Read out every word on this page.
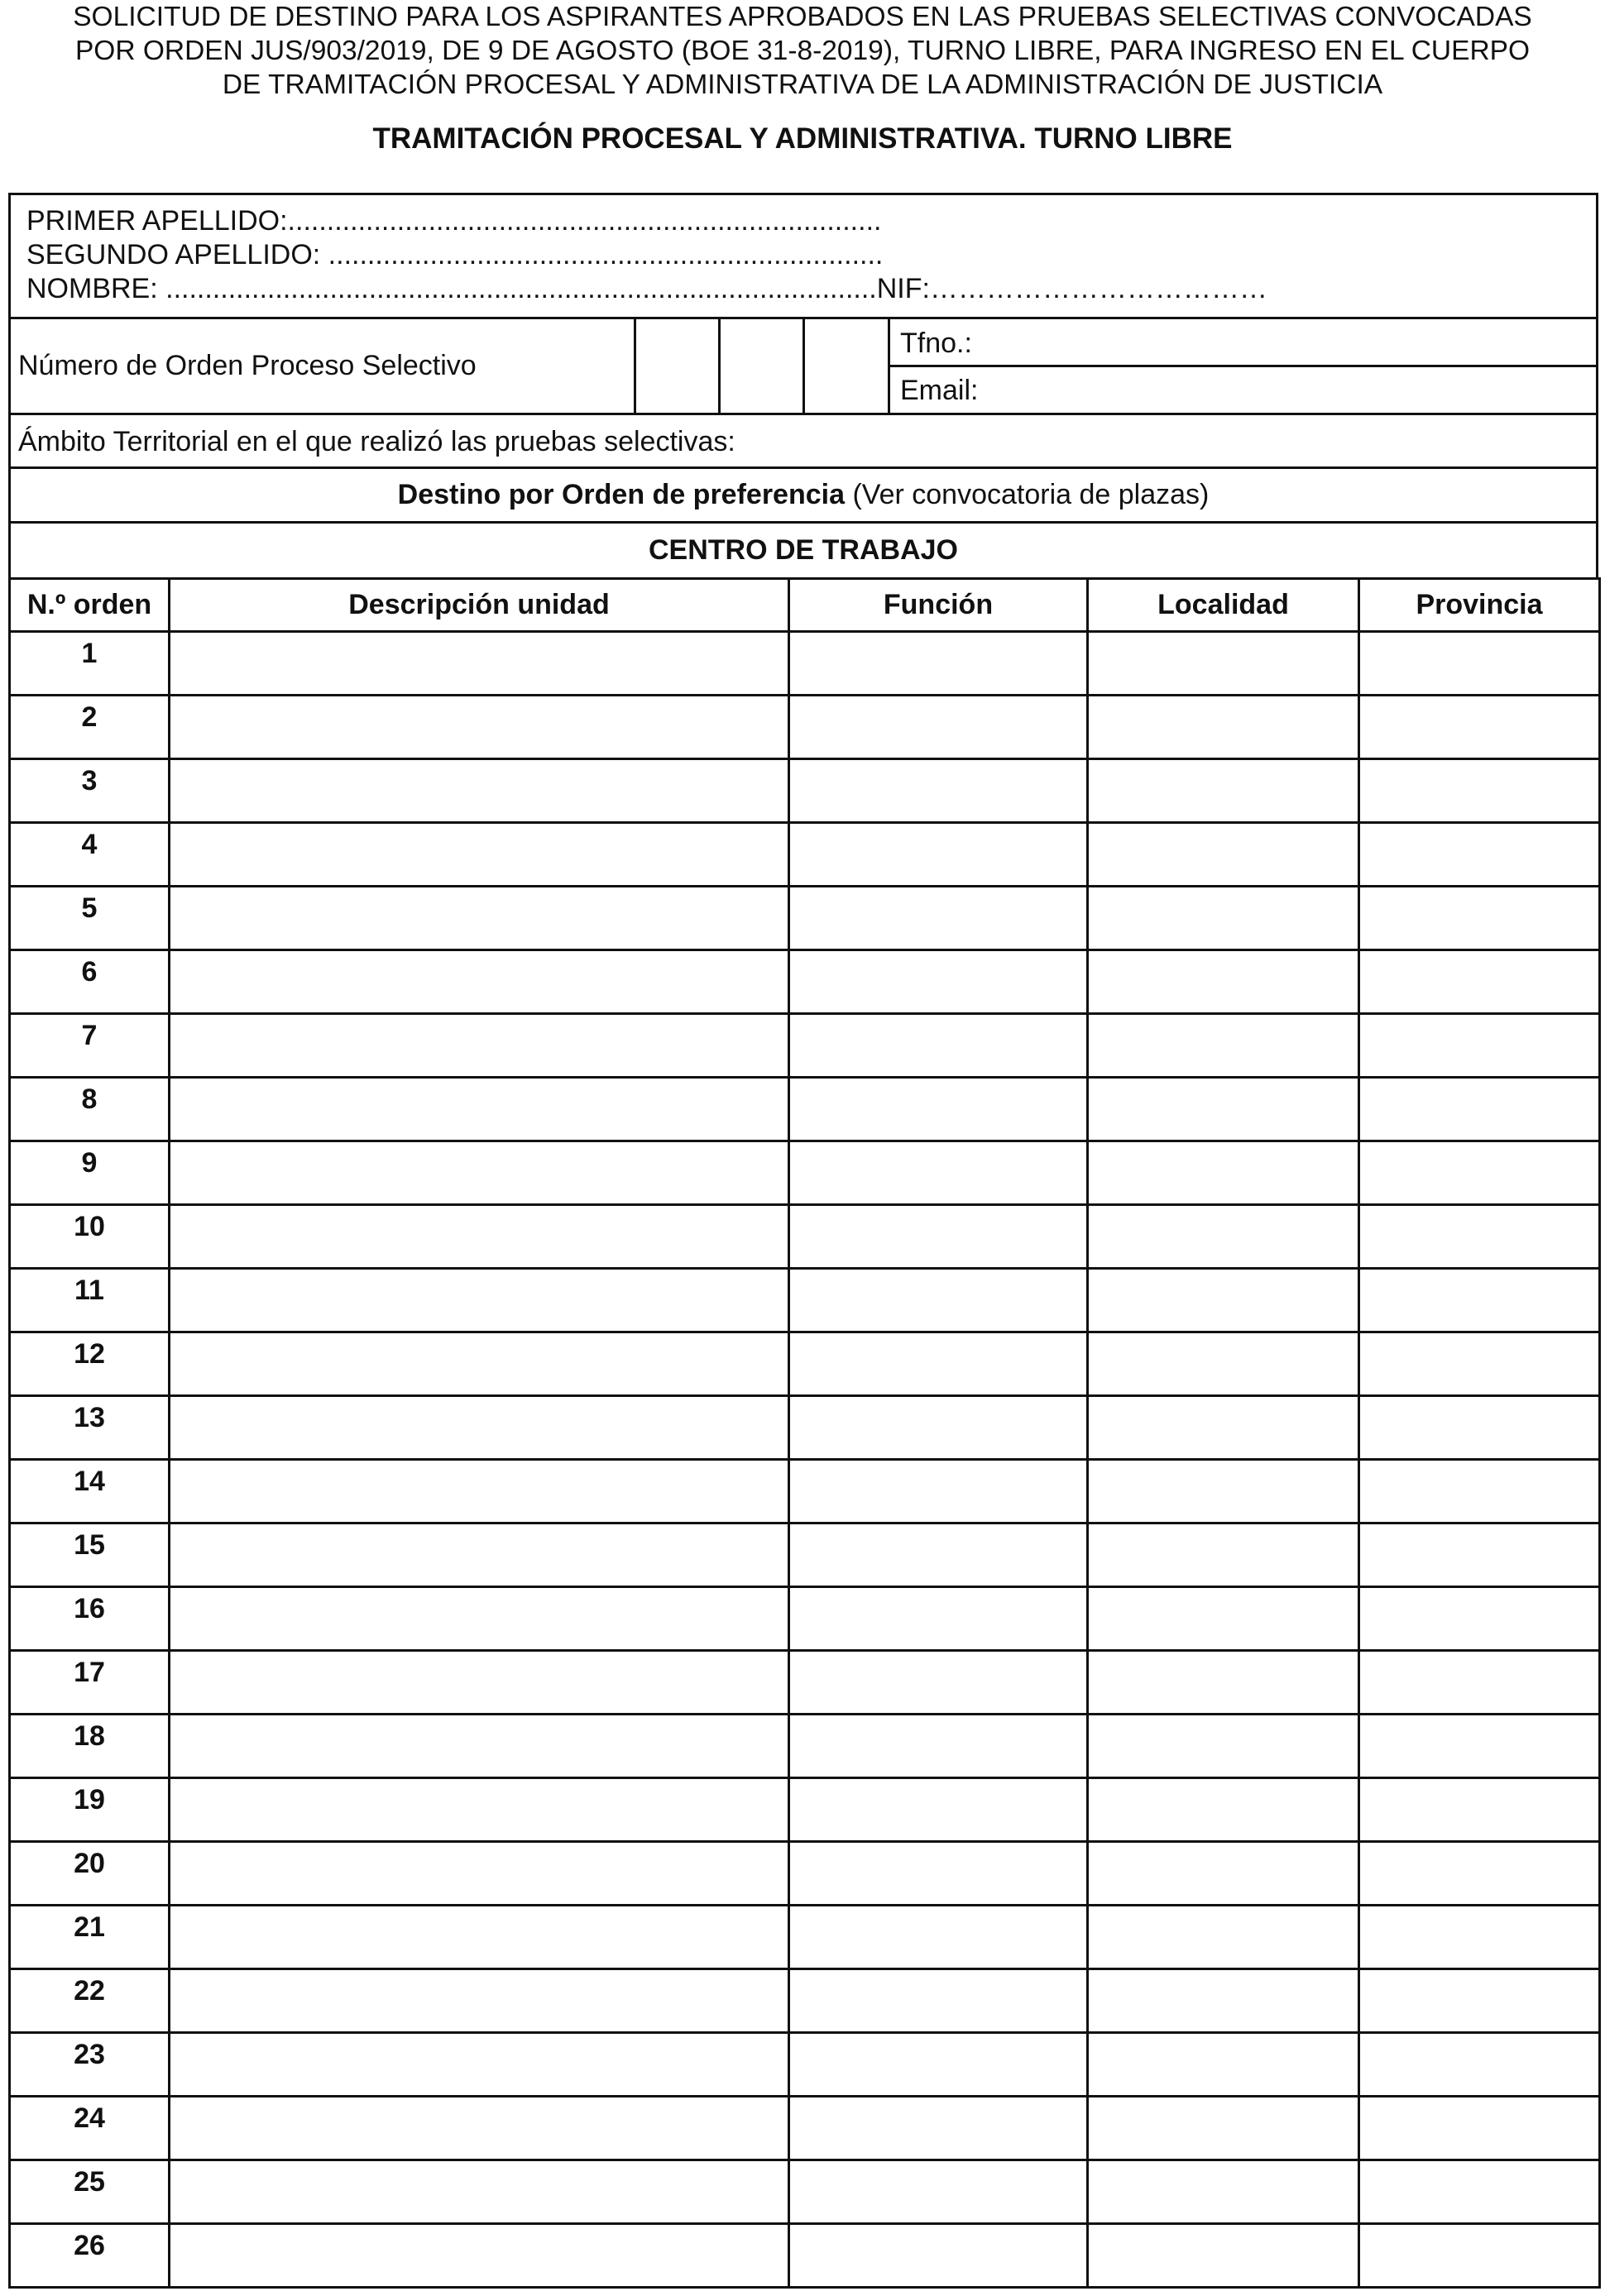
SOLICITUD DE DESTINO PARA LOS ASPIRANTES APROBADOS EN LAS PRUEBAS SELECTIVAS CONVOCADAS
POR ORDEN JUS/903/2019, DE 9 DE AGOSTO (BOE 31-8-2019), TURNO LIBRE, PARA INGRESO EN EL CUERPO
DE TRAMITACIÓN PROCESAL Y ADMINISTRATIVA DE LA ADMINISTRACIÓN DE JUSTICIA
TRAMITACIÓN PROCESAL Y ADMINISTRATIVA. TURNO LIBRE
PRIMER APELLIDO:............................................................................
SEGUNDO APELLIDO: .......................................................................
NOMBRE: ...........................................................................................NIF:………………………………
Número de Orden Proceso Selectivo
Tfno.:
Email:
Ámbito Territorial en el que realizó las pruebas selectivas:
Destino por Orden de preferencia (Ver convocatoria de plazas)
CENTRO DE TRABAJO
N.º orden	Descripción unidad	Función	Localidad	Provincia
1				
2				
3				
4				
5				
6				
7				
8				
9				
10				
11				
12				
13				
14				
15				
16				
17				
18				
19				
20				
21				
22				
23				
24				
25				
26				
